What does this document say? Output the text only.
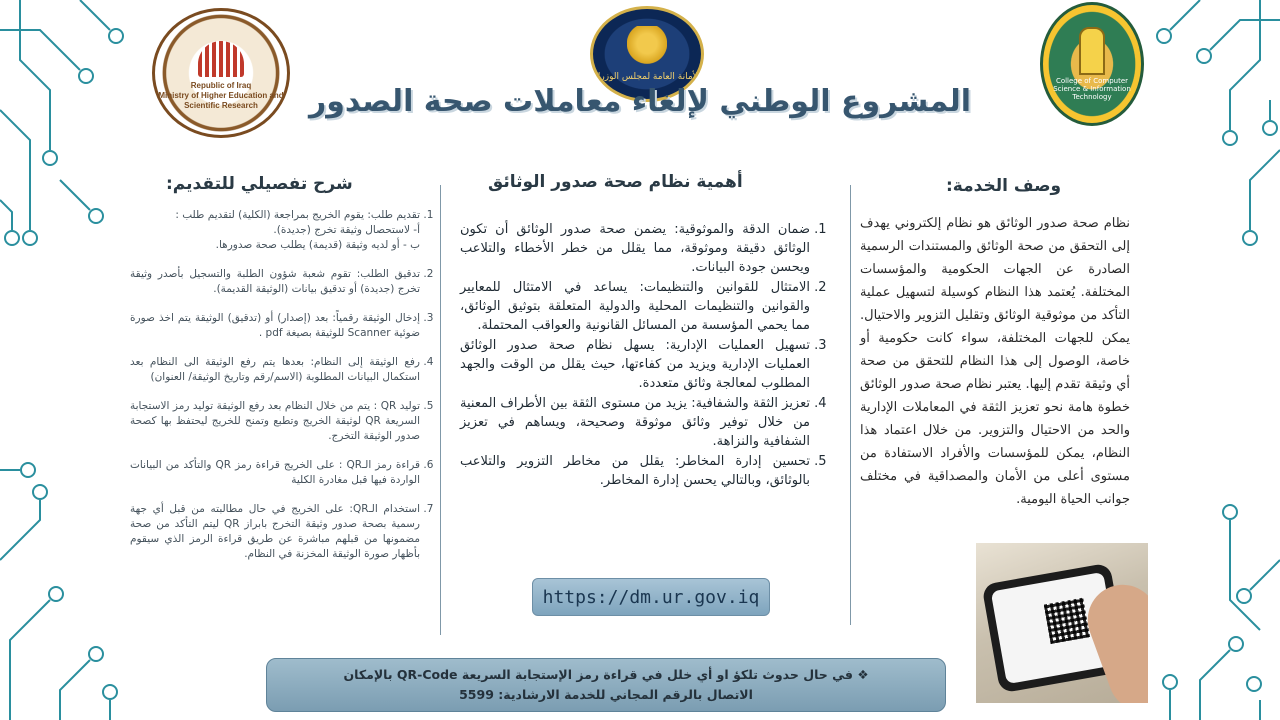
Republic of Iraq
Ministry of Higher Education and Scientific Research
الأمانة العامة لمجلس الوزراء	College of Computer Science & Information Technology
المشروع الوطني لإلغاء معاملات صحة الصدور
وصف الخدمة:
أهمية نظام صحة صدور الوثائق
شرح تفصيلي للتقديم:
نظام صحة صدور الوثائق هو نظام إلكتروني يهدف إلى التحقق من صحة الوثائق والمستندات الرسمية الصادرة عن الجهات الحكومية والمؤسسات المختلفة. يُعتمد هذا النظام كوسيلة لتسهيل عملية التأكد من موثوقية الوثائق وتقليل التزوير والاحتيال. يمكن للجهات المختلفة، سواء كانت حكومية أو خاصة، الوصول إلى هذا النظام للتحقق من صحة أي وثيقة تقدم إليها. يعتبر نظام صحة صدور الوثائق خطوة هامة نحو تعزيز الثقة في المعاملات الإدارية والحد من الاحتيال والتزوير. من خلال اعتماد هذا النظام، يمكن للمؤسسات والأفراد الاستفادة من مستوى أعلى من الأمان والمصداقية في مختلف جوانب الحياة اليومية.
1. ضمان الدقة والموثوقية: يضمن صحة صدور الوثائق أن تكون الوثائق دقيقة وموثوقة، مما يقلل من خطر الأخطاء والتلاعب ويحسن جودة البيانات.
2. الامتثال للقوانين والتنظيمات: يساعد في الامتثال للمعايير والقوانين والتنظيمات المحلية والدولية المتعلقة بتوثيق الوثائق، مما يحمي المؤسسة من المسائل القانونية والعواقب المحتملة.
3. تسهيل العمليات الإدارية: يسهل نظام صحة صدور الوثائق العمليات الإدارية ويزيد من كفاءتها، حيث يقلل من الوقت والجهد المطلوب لمعالجة وثائق متعددة.
4. تعزيز الثقة والشفافية: يزيد من مستوى الثقة بين الأطراف المعنية من خلال توفير وثائق موثوقة وصحيحة، ويساهم في تعزيز الشفافية والنزاهة.
5. تحسين إدارة المخاطر: يقلل من مخاطر التزوير والتلاعب بالوثائق، وبالتالي يحسن إدارة المخاطر.
1. تقديم طلب: يقوم الخريج بمراجعة (الكلية) لتقديم طلب :
أ- لاستحصال وثيقة تخرج (جديدة).
ب - أو لديه وثيقة (قديمة) يطلب صحة صدورها.
2. تدقيق الطلب: تقوم شعبة شؤون الطلبة والتسجيل بأصدر وثيقة تخرج (جديدة) أو تدقيق بيانات (الوثيقة القديمة).
3. إدخال الوثيقة رقمياً: بعد (إصدار) أو (تدقيق) الوثيقة يتم اخذ صورة ضوئية Scanner للوثيقة بصيغة pdf .
4. رفع الوثيقة إلى النظام: بعدها يتم رفع الوثيقة الى النظام بعد استكمال البيانات المطلوبة (الاسم/رقم وتاريخ الوثيقة/ العنوان)
5. توليد QR : يتم من خلال النظام بعد رفع الوثيقة توليد رمز الاستجابة السريعة QR لوثيقة الخريج وتطبع وتمنح للخريج ليحتفظ بها كصحة صدور الوثيقة التخرج.
6. قراءة رمز الـQR : على الخريج قراءة رمز QR والتأكد من البيانات الواردة فيها قبل مغادرة الكلية
7. استخدام الـQR: على الخريج في حال مطالبته من قبل أي جهة رسمية بصحة صدور وثيقة التخرج بابراز QR ليتم التأكد من صحة مضمونها من قبلهم مباشرة عن طريق قراءة الرمز الذي سيقوم بأظهار صورة الوثيقة المخزنة في النظام.
https://dm.ur.gov.iq
❖ في حال حدوث تلكؤ او أي خلل في قراءة رمز الإستجابة السريعة QR-Code بالإمكان
الاتصال بالرقم المجاني للخدمة الارشادية: 5599
